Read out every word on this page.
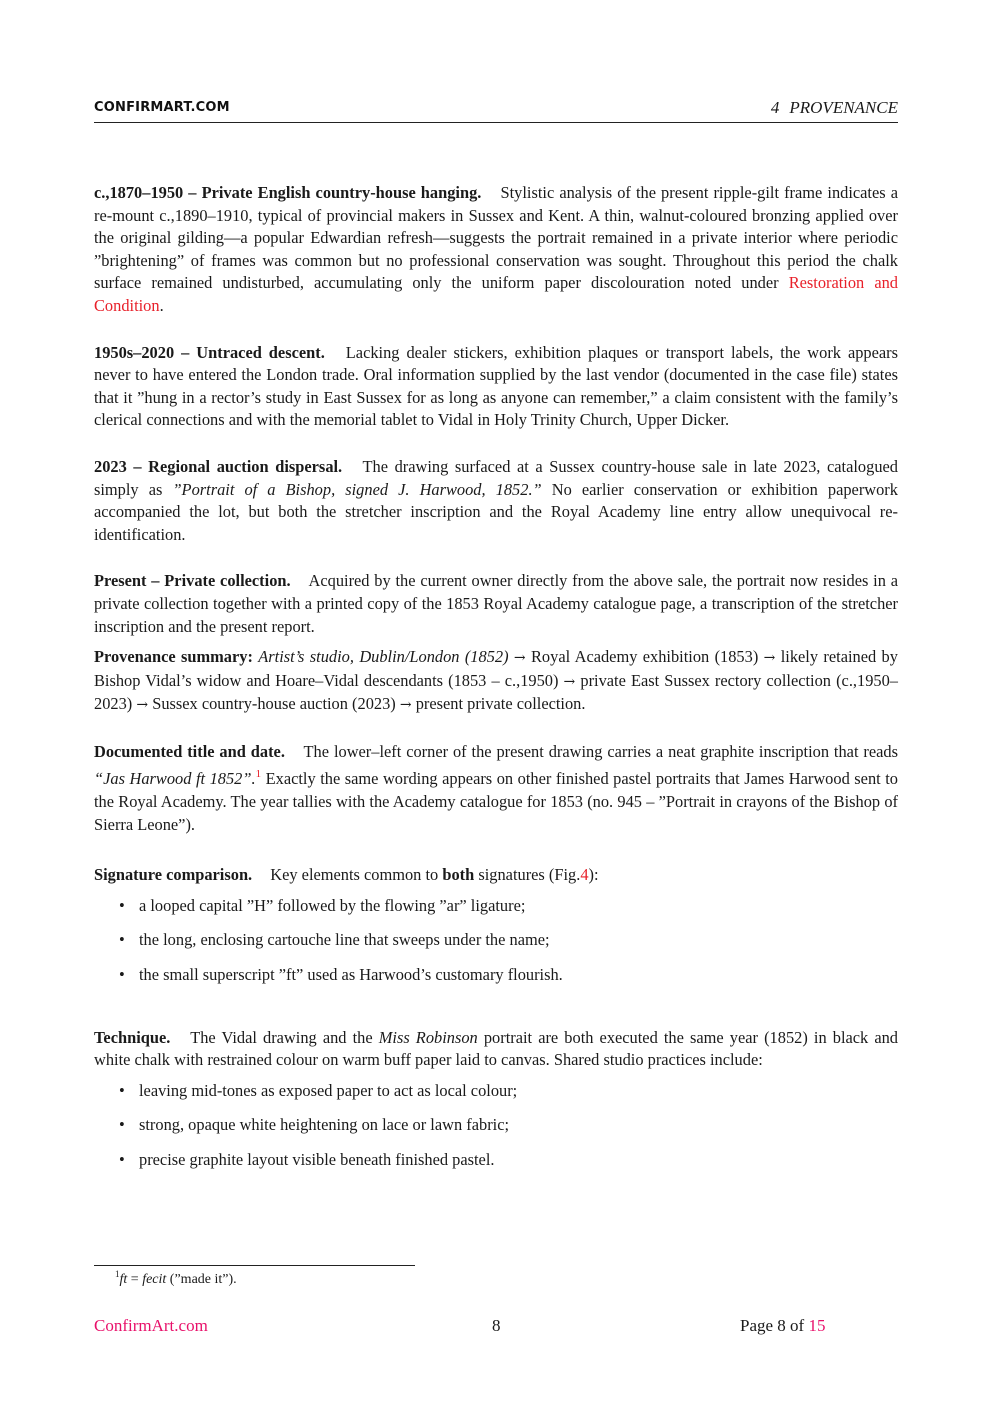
CONFIRMART.COM	4 PROVENANCE

c.,1870–1950 – Private English country-house hanging. Stylistic analysis of the present ripple-gilt frame indicates a re-mount c.,1890–1910, typical of provincial makers in Sussex and Kent. A thin, walnut-coloured bronzing applied over the original gilding—a popular Edwardian refresh—suggests the portrait remained in a private interior where periodic ”brightening” of frames was common but no professional conservation was sought. Throughout this period the chalk surface remained undisturbed, accumulating only the uniform paper discolouration noted under Restoration and Condition.

1950s–2020 – Untraced descent. Lacking dealer stickers, exhibition plaques or transport labels, the work appears never to have entered the London trade. Oral information supplied by the last vendor (documented in the case file) states that it ”hung in a rector’s study in East Sussex for as long as anyone can remember,” a claim consistent with the family’s clerical connections and with the memorial tablet to Vidal in Holy Trinity Church, Upper Dicker.

2023 – Regional auction dispersal. The drawing surfaced at a Sussex country-house sale in late 2023, catalogued simply as ”Portrait of a Bishop, signed J. Harwood, 1852.” No earlier conservation or exhibition paperwork accompanied the lot, but both the stretcher inscription and the Royal Academy line entry allow unequivocal re-identification.

Present – Private collection. Acquired by the current owner directly from the above sale, the portrait now resides in a private collection together with a printed copy of the 1853 Royal Academy catalogue page, a transcription of the stretcher inscription and the present report.

Provenance summary: Artist’s studio, Dublin/London (1852) → Royal Academy exhibition (1853) → likely retained by Bishop Vidal’s widow and Hoare–Vidal descendants (1853 – c.,1950) → private East Sussex rectory collection (c.,1950–2023) → Sussex country-house auction (2023) → present private collection.

Documented title and date. The lower–left corner of the present drawing carries a neat graphite inscription that reads “Jas Harwood ft 1852”.$^1$ Exactly the same wording appears on other finished pastel portraits that James Harwood sent to the Royal Academy. The year tallies with the Academy catalogue for 1853 (no. 945 – ”Portrait in crayons of the Bishop of Sierra Leone”).

Signature comparison. Key elements common to both signatures (Fig.4):

• a looped capital ”H” followed by the flowing ”ar” ligature;
• the long, enclosing cartouche line that sweeps under the name;
• the small superscript ”ft” used as Harwood’s customary flourish.

Technique. The Vidal drawing and the Miss Robinson portrait are both executed the same year (1852) in black and white chalk with restrained colour on warm buff paper laid to canvas. Shared studio practices include:

• leaving mid-tones as exposed paper to act as local colour;
• strong, opaque white heightening on lace or lawn fabric;
• precise graphite layout visible beneath finished pastel.
$^1$ft = fecit (”made it”).
ConfirmArt.com	8	Page 8 of 15
